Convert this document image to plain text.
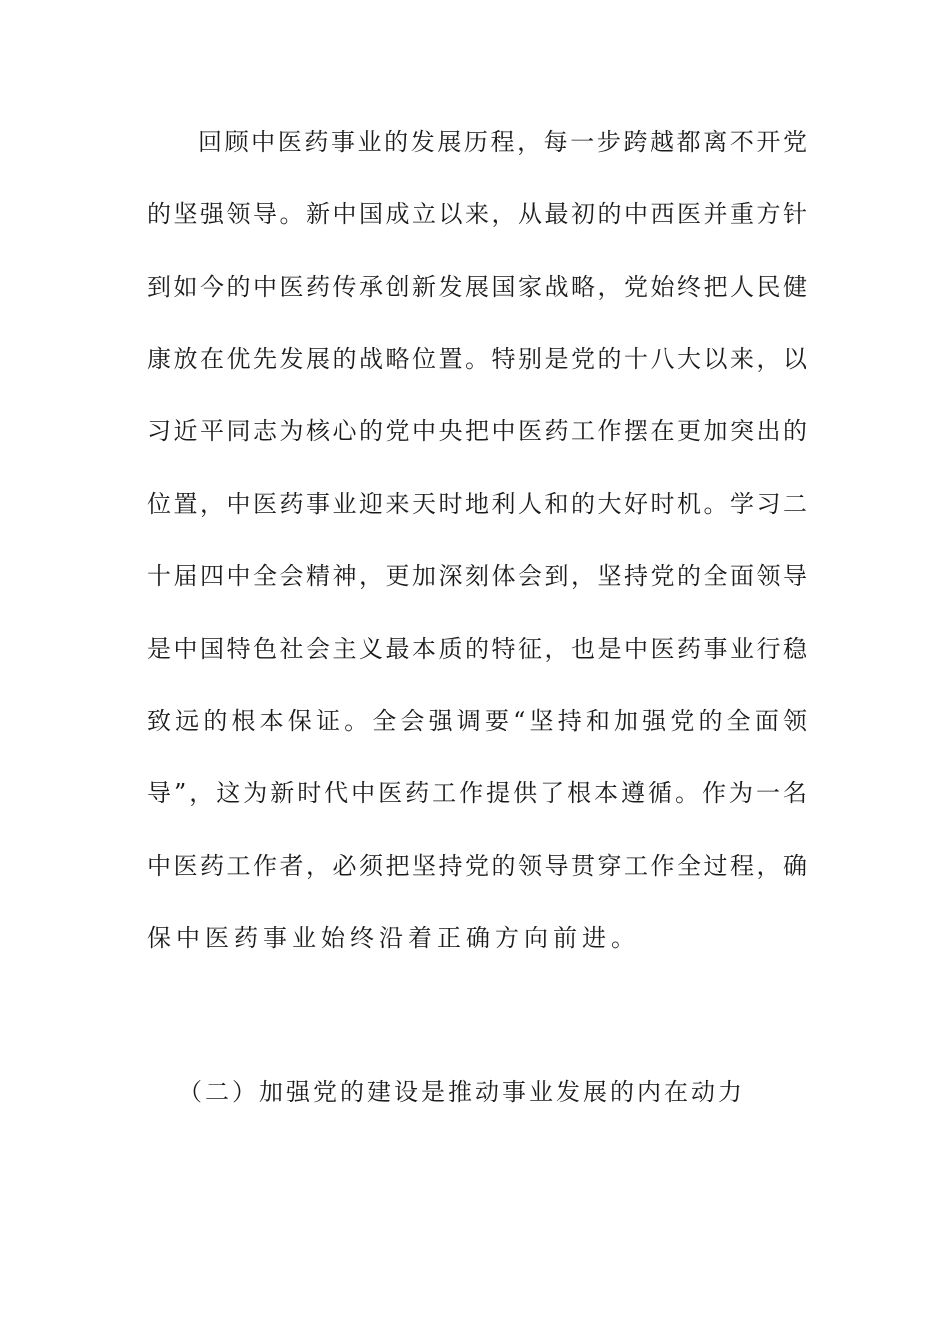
回顾中医药事业的发展历程，每一步跨越都离不开党
的坚强领导。新中国成立以来，从最初的中西医并重方针
到如今的中医药传承创新发展国家战略，党始终把人民健
康放在优先发展的战略位置。特别是党的十八大以来，以
习近平同志为核心的党中央把中医药工作摆在更加突出的
位置，中医药事业迎来天时地利人和的大好时机。学习二
十届四中全会精神，更加深刻体会到，坚持党的全面领导
是中国特色社会主义最本质的特征，也是中医药事业行稳
致远的根本保证。全会强调要“坚持和加强党的全面领
导”，这为新时代中医药工作提供了根本遵循。作为一名
中医药工作者，必须把坚持党的领导贯穿工作全过程，确
保中医药事业始终沿着正确方向前进。
（二）加强党的建设是推动事业发展的内在动力
